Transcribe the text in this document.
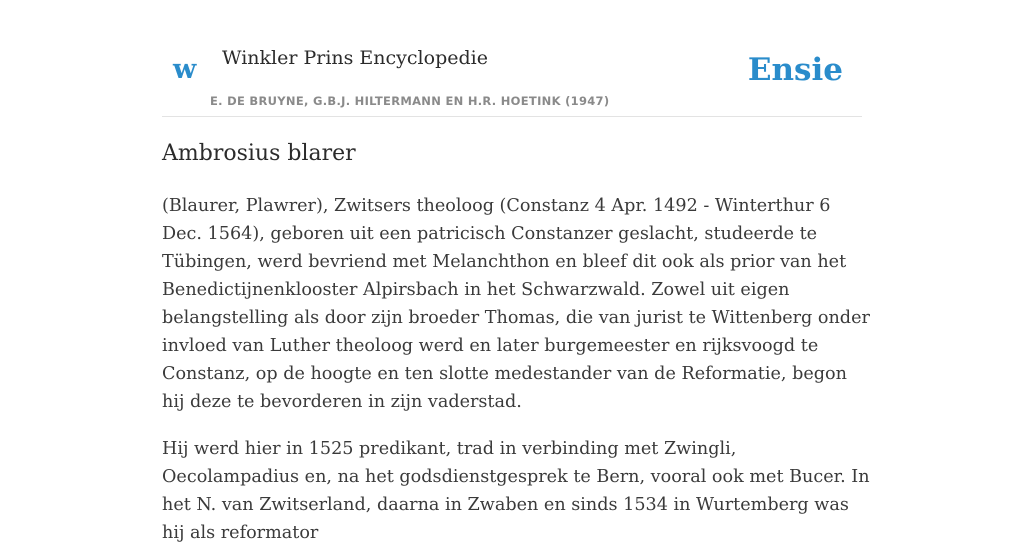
w Winkler Prins Encyclopedie
E. DE BRUYNE, G.B.J. HILTERMANN EN H.R. HOETINK (1947)
Ensie
Ambrosius blarer

(Blaurer, Plawrer), Zwitsers theoloog (Constanz 4 Apr. 1492 - Winterthur 6 Dec. 1564), geboren uit een patricisch Constanzer geslacht, studeerde te Tübingen, werd bevriend met Melanchthon en bleef dit ook als prior van het Benedictijnenklooster Alpirsbach in het Schwarzwald. Zowel uit eigen belangstelling als door zijn broeder Thomas, die van jurist te Wittenberg onder invloed van Luther theoloog werd en later burgemeester en rijksvoogd te Constanz, op de hoogte en ten slotte medestander van de Reformatie, begon hij deze te bevorderen in zijn vaderstad.

Hij werd hier in 1525 predikant, trad in verbinding met Zwingli, Oecolampadius en, na het godsdienstgesprek te Bern, vooral ook met Bucer. In het N. van Zwitserland, daarna in Zwaben en sinds 1534 in Wurtemberg was hij als reformator
